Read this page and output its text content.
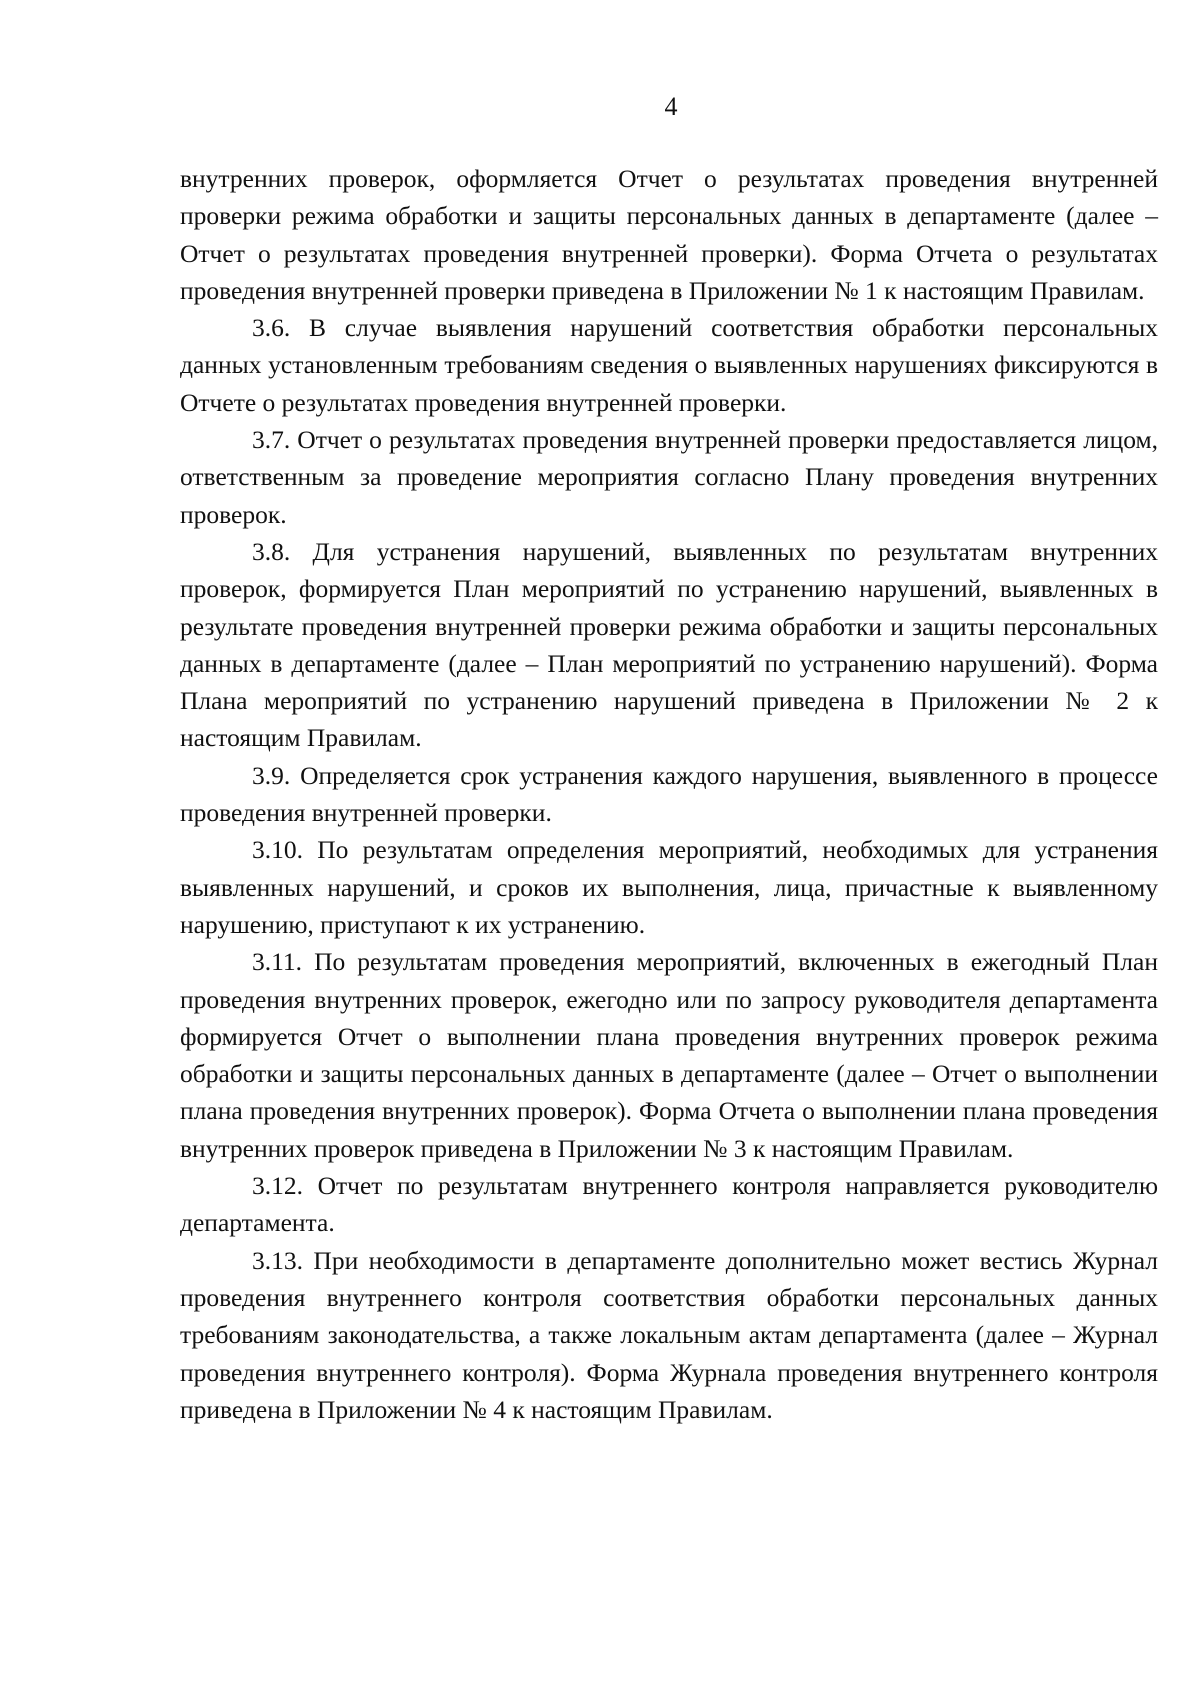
4

внутренних проверок, оформляется Отчет о результатах проведения внутренней проверки режима обработки и защиты персональных данных в департаменте (далее – Отчет о результатах проведения внутренней проверки). Форма Отчета о результатах проведения внутренней проверки приведена в Приложении № 1 к настоящим Правилам.

3.6. В случае выявления нарушений соответствия обработки персональных данных установленным требованиям сведения о выявленных нарушениях фиксируются в Отчете о результатах проведения внутренней проверки.

3.7. Отчет о результатах проведения внутренней проверки предоставляется лицом, ответственным за проведение мероприятия согласно Плану проведения внутренних проверок.

3.8. Для устранения нарушений, выявленных по результатам внутренних проверок, формируется План мероприятий по устранению нарушений, выявленных в результате проведения внутренней проверки режима обработки и защиты персональных данных в департаменте (далее – План мероприятий по устранению нарушений). Форма Плана мероприятий по устранению нарушений приведена в Приложении № 2 к настоящим Правилам.

3.9. Определяется срок устранения каждого нарушения, выявленного в процессе проведения внутренней проверки.

3.10. По результатам определения мероприятий, необходимых для устранения выявленных нарушений, и сроков их выполнения, лица, причастные к выявленному нарушению, приступают к их устранению.

3.11. По результатам проведения мероприятий, включенных в ежегодный План проведения внутренних проверок, ежегодно или по запросу руководителя департамента формируется Отчет о выполнении плана проведения внутренних проверок режима обработки и защиты персональных данных в департаменте (далее – Отчет о выполнении плана проведения внутренних проверок). Форма Отчета о выполнении плана проведения внутренних проверок приведена в Приложении № 3 к настоящим Правилам.

3.12. Отчет по результатам внутреннего контроля направляется руководителю департамента.

3.13. При необходимости в департаменте дополнительно может вестись Журнал проведения внутреннего контроля соответствия обработки персональных данных требованиям законодательства, а также локальным актам департамента (далее – Журнал проведения внутреннего контроля). Форма Журнала проведения внутреннего контроля приведена в Приложении № 4 к настоящим Правилам.
